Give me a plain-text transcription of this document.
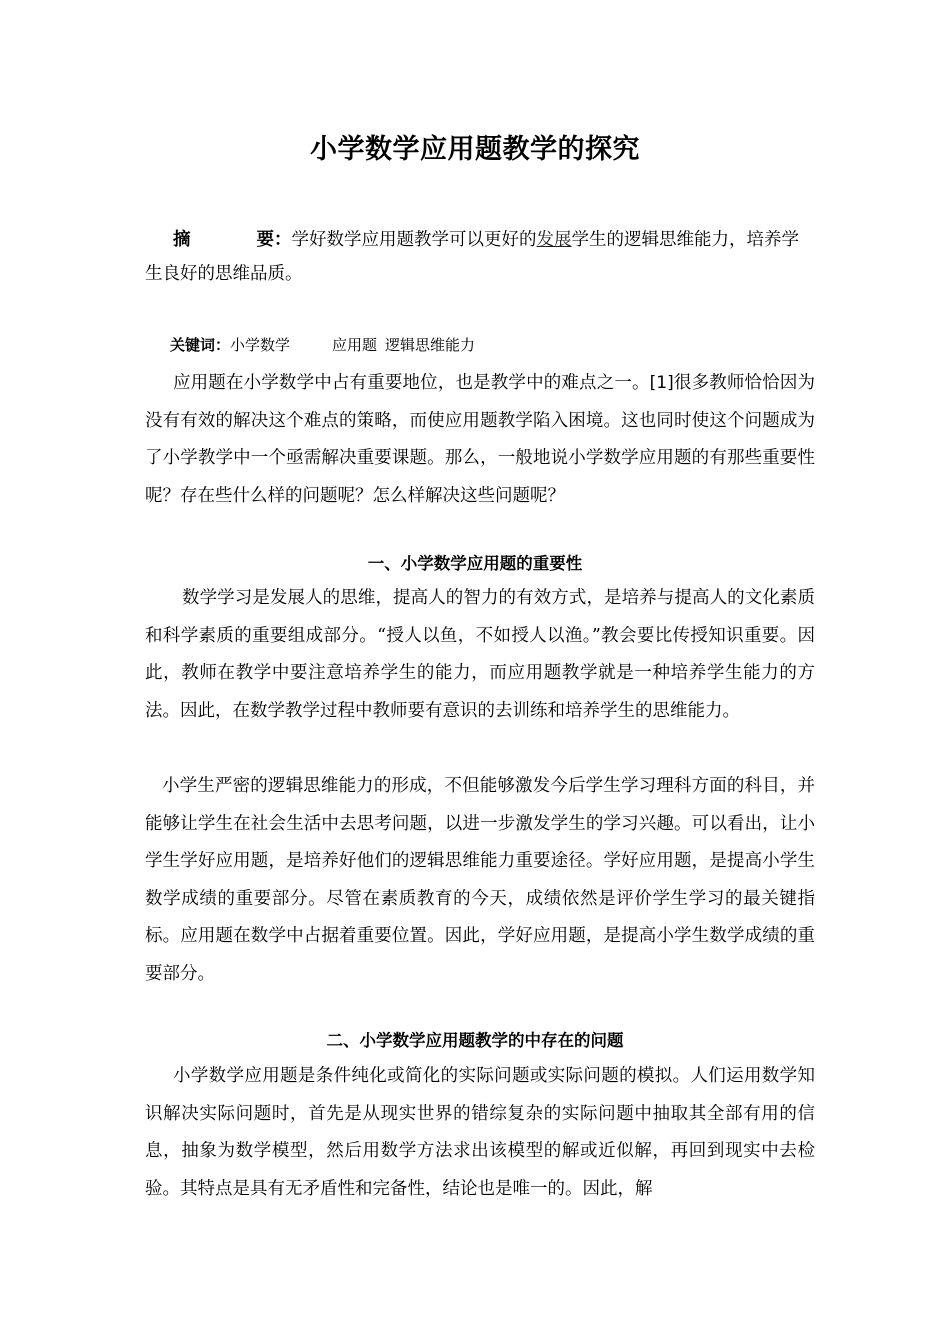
小学数学应用题教学的探究
摘	要：学好数学应用题教学可以更好的发展学生的逻辑思维能力，培养学生良好的思维品质。
关键词：小学数学	应用题 逻辑思维能力

应用题在小学数学中占有重要地位，也是教学中的难点之一。[1]很多教师恰恰因为没有有效的解决这个难点的策略，而使应用题教学陷入困境。这也同时使这个问题成为了小学教学中一个亟需解决重要课题。那么，一般地说小学数学应用题的有那些重要性呢？存在些什么样的问题呢？怎么样解决这些问题呢？

一、小学数学应用题的重要性

数学学习是发展人的思维，提高人的智力的有效方式，是培养与提高人的文化素质和科学素质的重要组成部分。“授人以鱼，不如授人以渔。”教会要比传授知识重要。因此，教师在教学中要注意培养学生的能力，而应用题教学就是一种培养学生能力的方法。因此，在数学教学过程中教师要有意识的去训练和培养学生的思维能力。

小学生严密的逻辑思维能力的形成，不但能够激发今后学生学习理科方面的科目，并能够让学生在社会生活中去思考问题，以进一步激发学生的学习兴趣。可以看出，让小学生学好应用题，是培养好他们的逻辑思维能力重要途径。学好应用题，是提高小学生数学成绩的重要部分。尽管在素质教育的今天，成绩依然是评价学生学习的最关键指标。应用题在数学中占据着重要位置。因此，学好应用题，是提高小学生数学成绩的重要部分。

二、小学数学应用题教学的中存在的问题

小学数学应用题是条件纯化或简化的实际问题或实际问题的模拟。人们运用数学知识解决实际问题时，首先是从现实世界的错综复杂的实际问题中抽取其全部有用的信息，抽象为数学模型，然后用数学方法求出该模型的解或近似解，再回到现实中去检验。其特点是具有无矛盾性和完备性，结论也是唯一的。因此，解
